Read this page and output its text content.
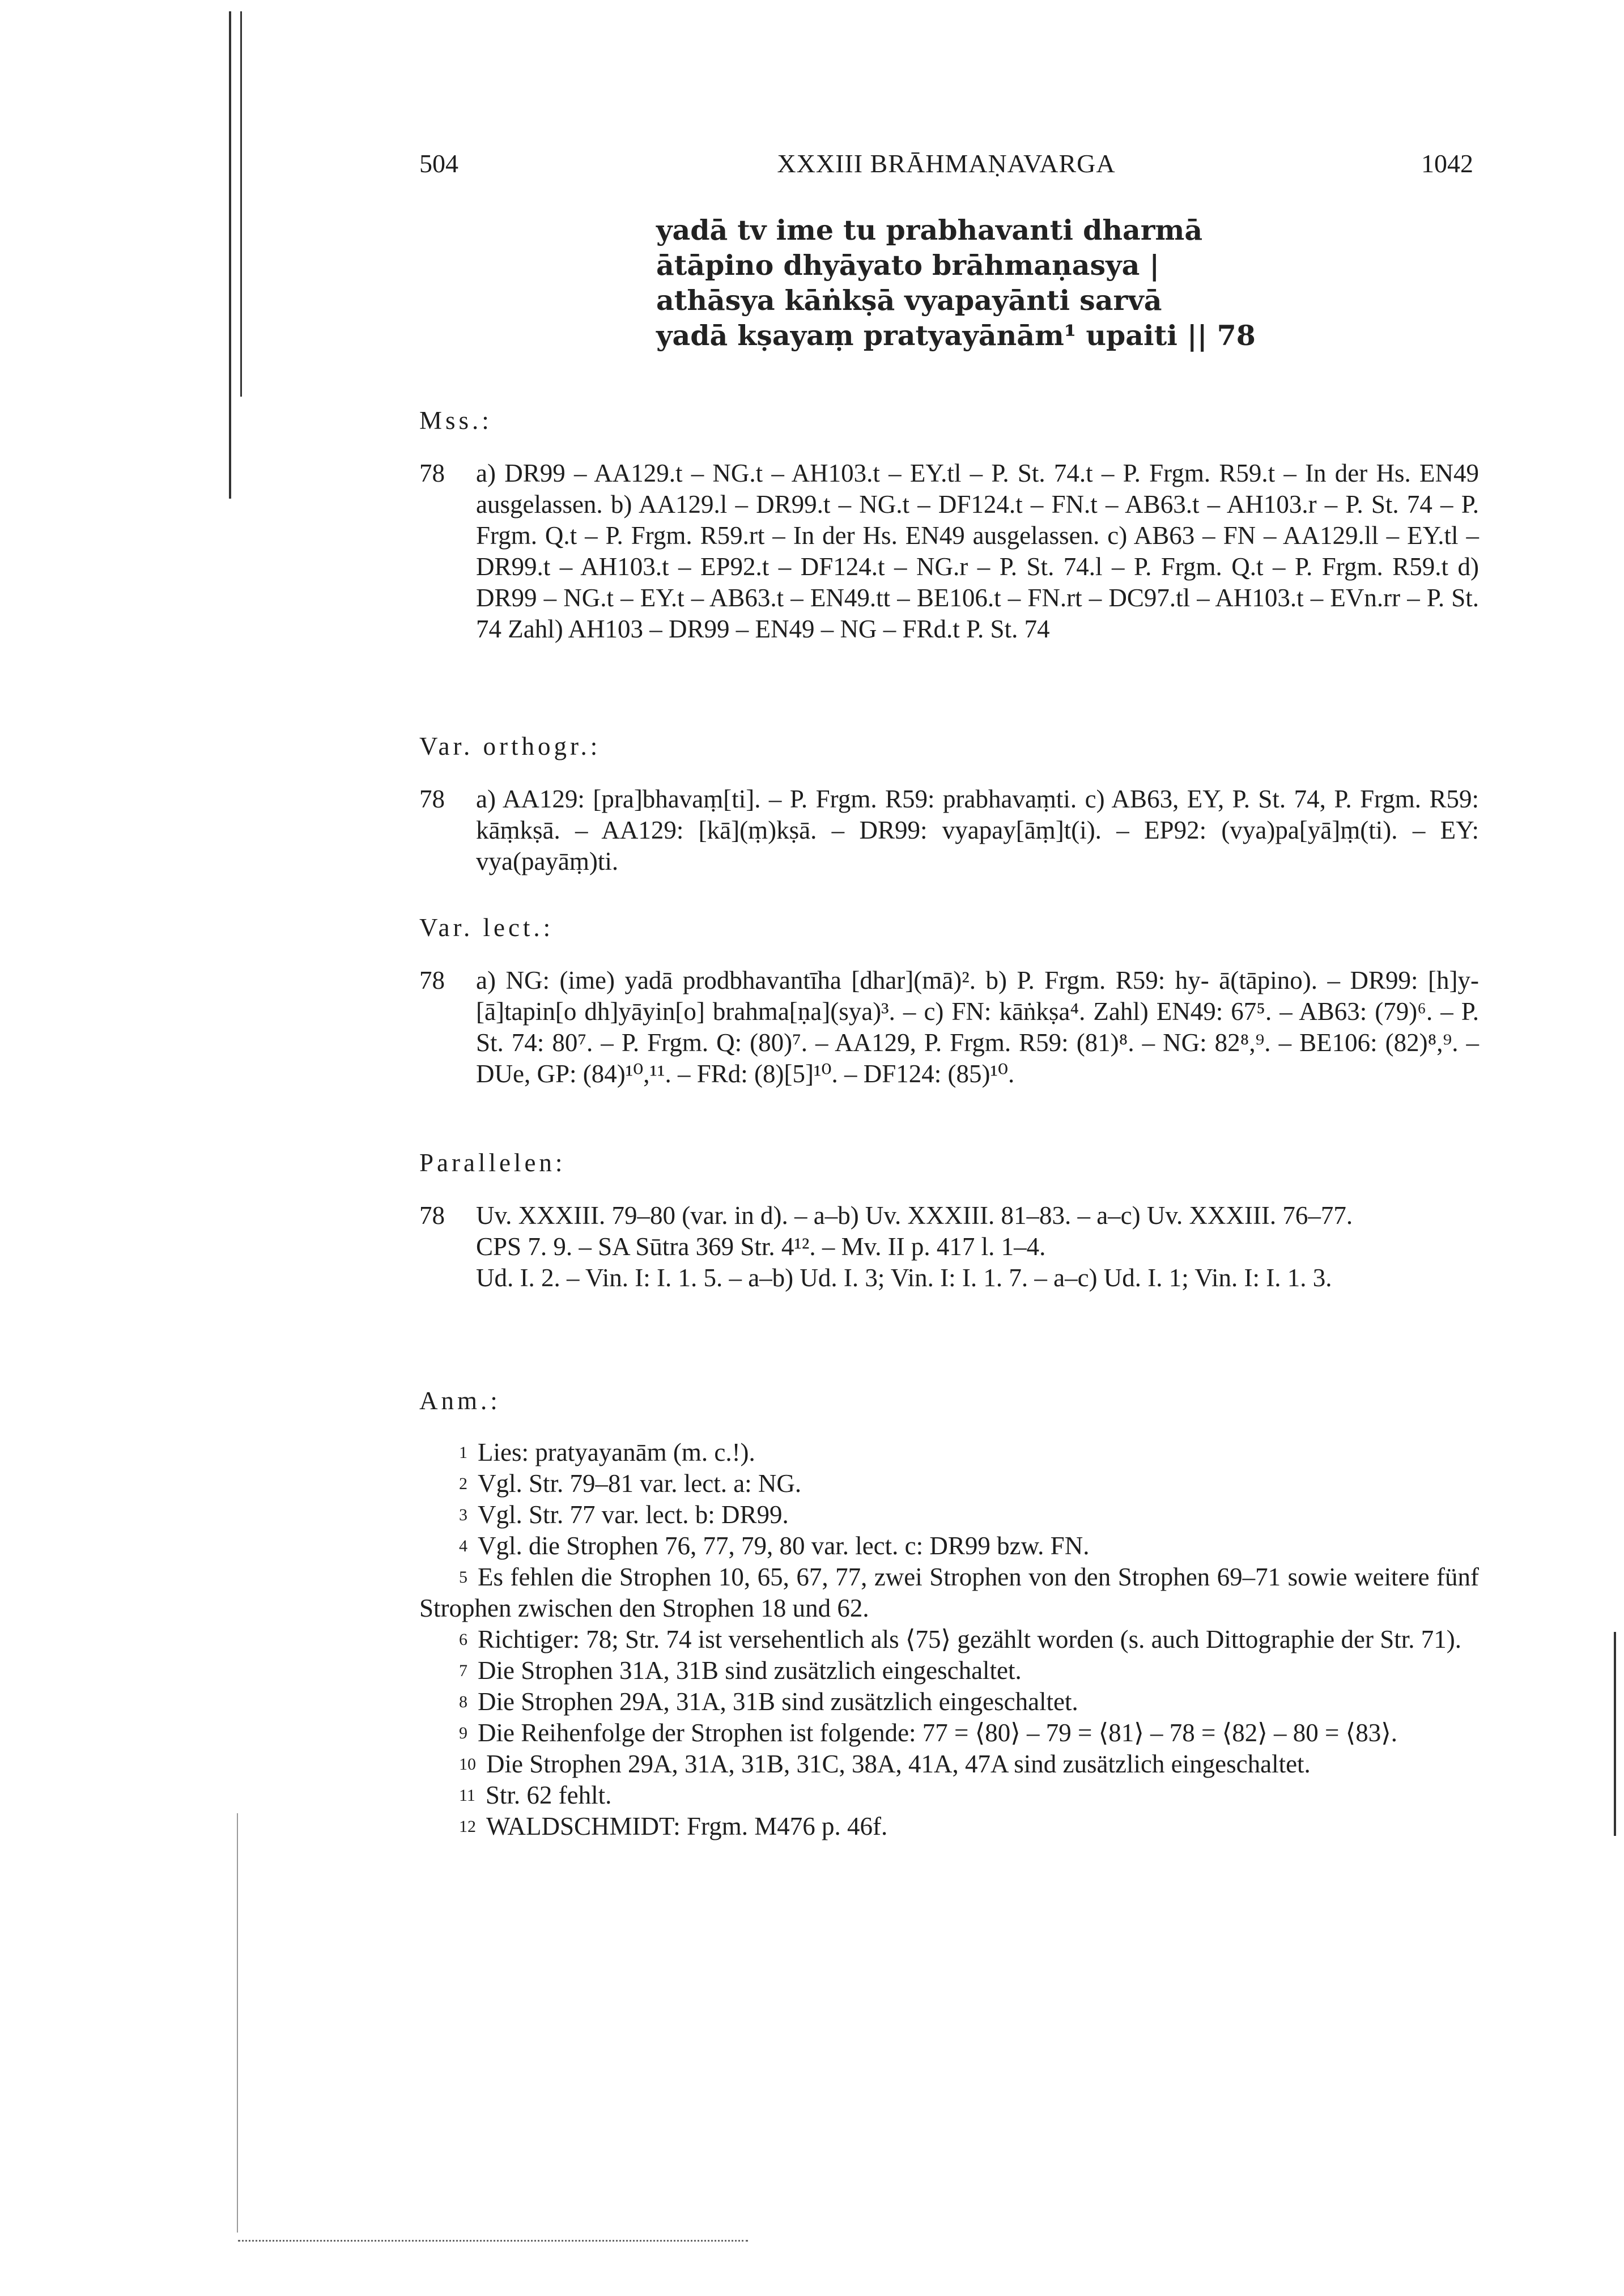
504	XXXIII BRĀHMAṆAVARGA	1042
yadā tv ime tu prabhavanti dharmā
ātāpino dhyāyato brāhmaṇasya |
athāsya kāṅkṣā vyapayānti sarvā
yadā kṣayaṃ pratyayānām¹ upaiti || 78
Mss.:
78 a) DR99 – AA129.t – NG.t – AH103.t – EY.tl – P. St. 74.t – P. Frgm. R59.t – In der Hs. EN49 ausgelassen. b) AA129.l – DR99.t – NG.t – DF124.t – FN.t – AB63.t – AH103.r – P. St. 74 – P. Frgm. Q.t – P. Frgm. R59.rt – In der Hs. EN49 ausgelassen. c) AB63 – FN – AA129.ll – EY.tl – DR99.t – AH103.t – EP92.t – DF124.t – NG.r – P. St. 74.l – P. Frgm. Q.t – P. Frgm. R59.t d) DR99 – NG.t – EY.t – AB63.t – EN49.tt – BE106.t – FN.rt – DC97.tl – AH103.t – EVn.rr – P. St. 74 Zahl) AH103 – DR99 – EN49 – NG – FRd.t P. St. 74

Var. orthogr.:
78 a) AA129: [pra]bhavaṃ[ti]. – P. Frgm. R59: prabhavaṃti. c) AB63, EY, P. St. 74, P. Frgm. R59: kāṃkṣā. – AA129: [kā](ṃ)kṣā. – DR99: vyapay[āṃ]t(i). – EP92: (vya)pa[yā]ṃ(ti). – EY: vya(payāṃ)ti.

Var. lect.:
78 a) NG: (ime) yadā prodbhavantīha [dhar](mā)². b) P. Frgm. R59: hy- ā(tāpino). – DR99: [h]y-[ā]tapin[o dh]yāyin[o] brahma[ṇa](sya)³. – c) FN: kāṅkṣa⁴. Zahl) EN49: 67⁵. – AB63: (79)⁶. – P. St. 74: 80⁷. – P. Frgm. Q: (80)⁷. – AA129, P. Frgm. R59: (81)⁸. – NG: 82⁸,⁹. – BE106: (82)⁸,⁹. – DUe, GP: (84)¹⁰,¹¹. – FRd: (8)[5]¹⁰. – DF124: (85)¹⁰.

Parallelen:
78 Uv. XXXIII. 79–80 (var. in d). – a–b) Uv. XXXIII. 81–83. – a–c) Uv. XXXIII. 76–77.

CPS 7. 9. – SA Sūtra 369 Str. 4¹². – Mv. II p. 417 l. 1–4.

Ud. I. 2. – Vin. I: I. 1. 5. – a–b) Ud. I. 3; Vin. I: I. 1. 7. – a–c) Ud. I. 1; Vin. I: I. 1. 3.

Anm.:
$^1$ Lies: pratyayanām (m. c.!).
$^2$ Vgl. Str. 79–81 var. lect. a: NG.
$^3$ Vgl. Str. 77 var. lect. b: DR99.
$^4$ Vgl. die Strophen 76, 77, 79, 80 var. lect. c: DR99 bzw. FN.
$^5$ Es fehlen die Strophen 10, 65, 67, 77, zwei Strophen von den Strophen 69–71 sowie weitere fünf Strophen zwischen den Strophen 18 und 62.
$^6$ Richtiger: 78; Str. 74 ist versehentlich als ⟨75⟩ gezählt worden (s. auch Dittographie der Str. 71).
$^7$ Die Strophen 31A, 31B sind zusätzlich eingeschaltet.
$^8$ Die Strophen 29A, 31A, 31B sind zusätzlich eingeschaltet.
$^9$ Die Reihenfolge der Strophen ist folgende: 77 = ⟨80⟩ – 79 = ⟨81⟩ – 78 = ⟨82⟩ – 80 = ⟨83⟩.
$^{10}$ Die Strophen 29A, 31A, 31B, 31C, 38A, 41A, 47A sind zusätzlich eingeschaltet.
$^{11}$ Str. 62 fehlt.
$^{12}$ WALDSCHMIDT: Frgm. M476 p. 46f.
